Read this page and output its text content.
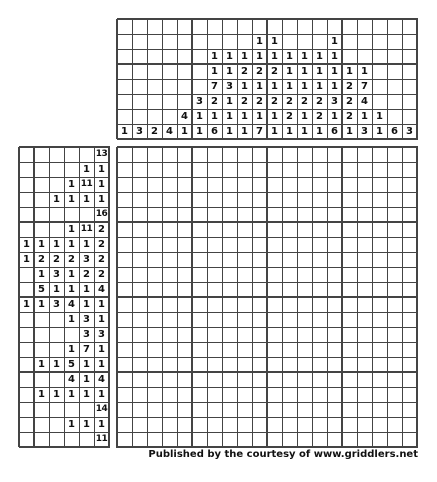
1 3 2 4
4
1
3
1
1
1
1
7
2
1
6
1
1
3
1
1
1
1
2
1
2
1
1
1
1
2
1
2
1
7
1
1
2
1
2
1
1
1
1
1
2
2
1
1
1
1
2
1
1
1
1
1
2
2
1
1
1
1
1
3
1
6
1
2
2
2
1
1
7
4
1
3
1
1 6 3
13
1 1
1 11 1
1 1 1 1
16
1 11 2
1 1 1 1 1 2
1 2 2 2 3 2
1 3 1 2 2
5 1 1 1 4
1 1 3 4 1 1
1 3 1
3 3
1 7 1
1 1 5 1 1
4 1 4
1 1 1 1 1
14
1 1 1
11
Published by the courtesy of www.griddlers.net
